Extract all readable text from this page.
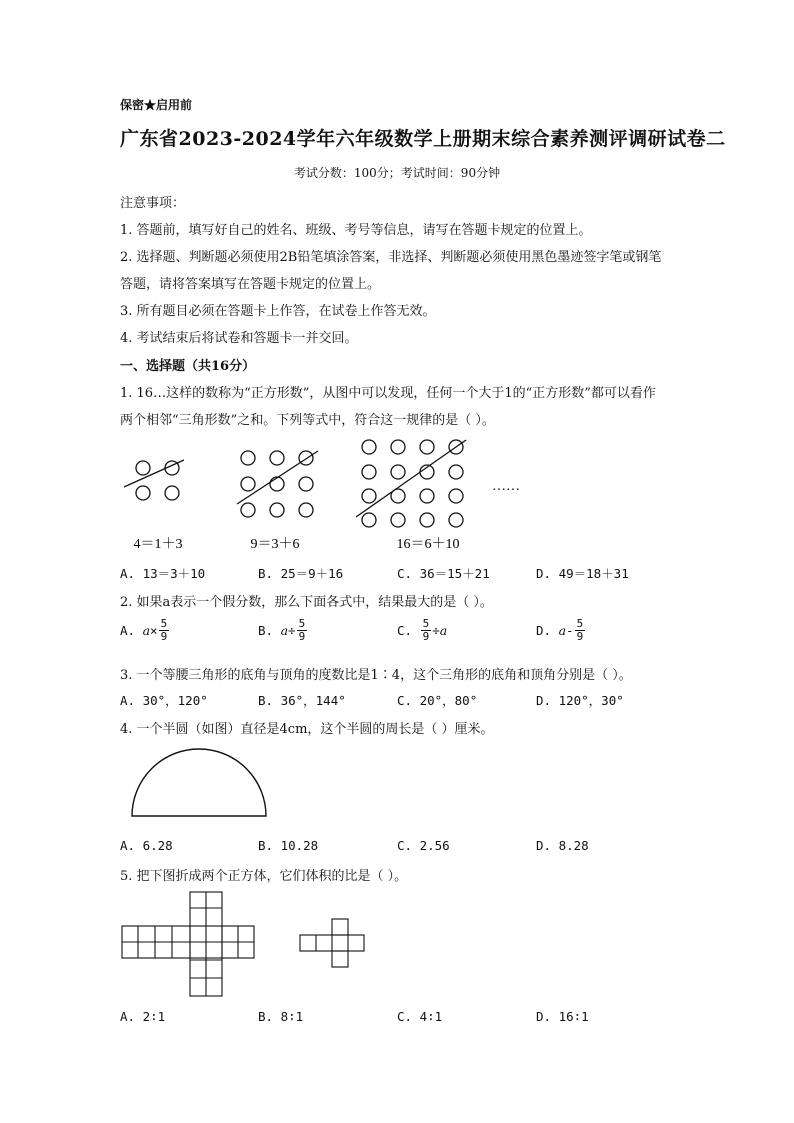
保密★启用前
广东省2023-2024学年六年级数学上册期末综合素养测评调研试卷二
考试分数：100分；考试时间：90分钟
注意事项：
1. 答题前，填写好自己的姓名、班级、考号等信息，请写在答题卡规定的位置上。
2. 选择题、判断题必须使用2B铅笔填涂答案，非选择、判断题必须使用黑色墨迹签字笔或钢笔
答题，请将答案填写在答题卡规定的位置上。
3. 所有题目必须在答题卡上作答，在试卷上作答无效。
4. 考试结束后将试卷和答题卡一并交回。
一、选择题（共16分）
1. 16…这样的数称为“正方形数”，从图中可以发现，任何一个大于1的“正方形数”都可以看作
两个相邻“三角形数”之和。下列等式中，符合这一规律的是（ ）。
4＝1＋3	9＝3＋6	16＝6＋10
……
A. 13＝3＋10	B. 25＝9＋16	C. 36＝15＋21	D. 49＝18＋31
2. 如果a表示一个假分数，那么下面各式中，结果最大的是（ ）。
A.
$a \times \frac{5}{9}$	B.
$a \div \frac{5}{9}$	C.
$\frac{5}{9} \div a$	D.
a - $\frac{5}{9}$
3. 一个等腰三角形的底角与顶角的度数比是1∶4，这个三角形的底角和顶角分别是（ ）。
A. 30°，120°	B. 36°，144°	C. 20°，80°	D. 120°，30°
4. 一个半圆（如图）直径是4cm，这个半圆的周长是（ ）厘米。
A. 6.28	B. 10.28	C. 2.56	D. 8.28
5. 把下图折成两个正方体，它们体积的比是（ ）。
A. 2∶1	B. 8∶1	C. 4∶1	D. 16∶1
